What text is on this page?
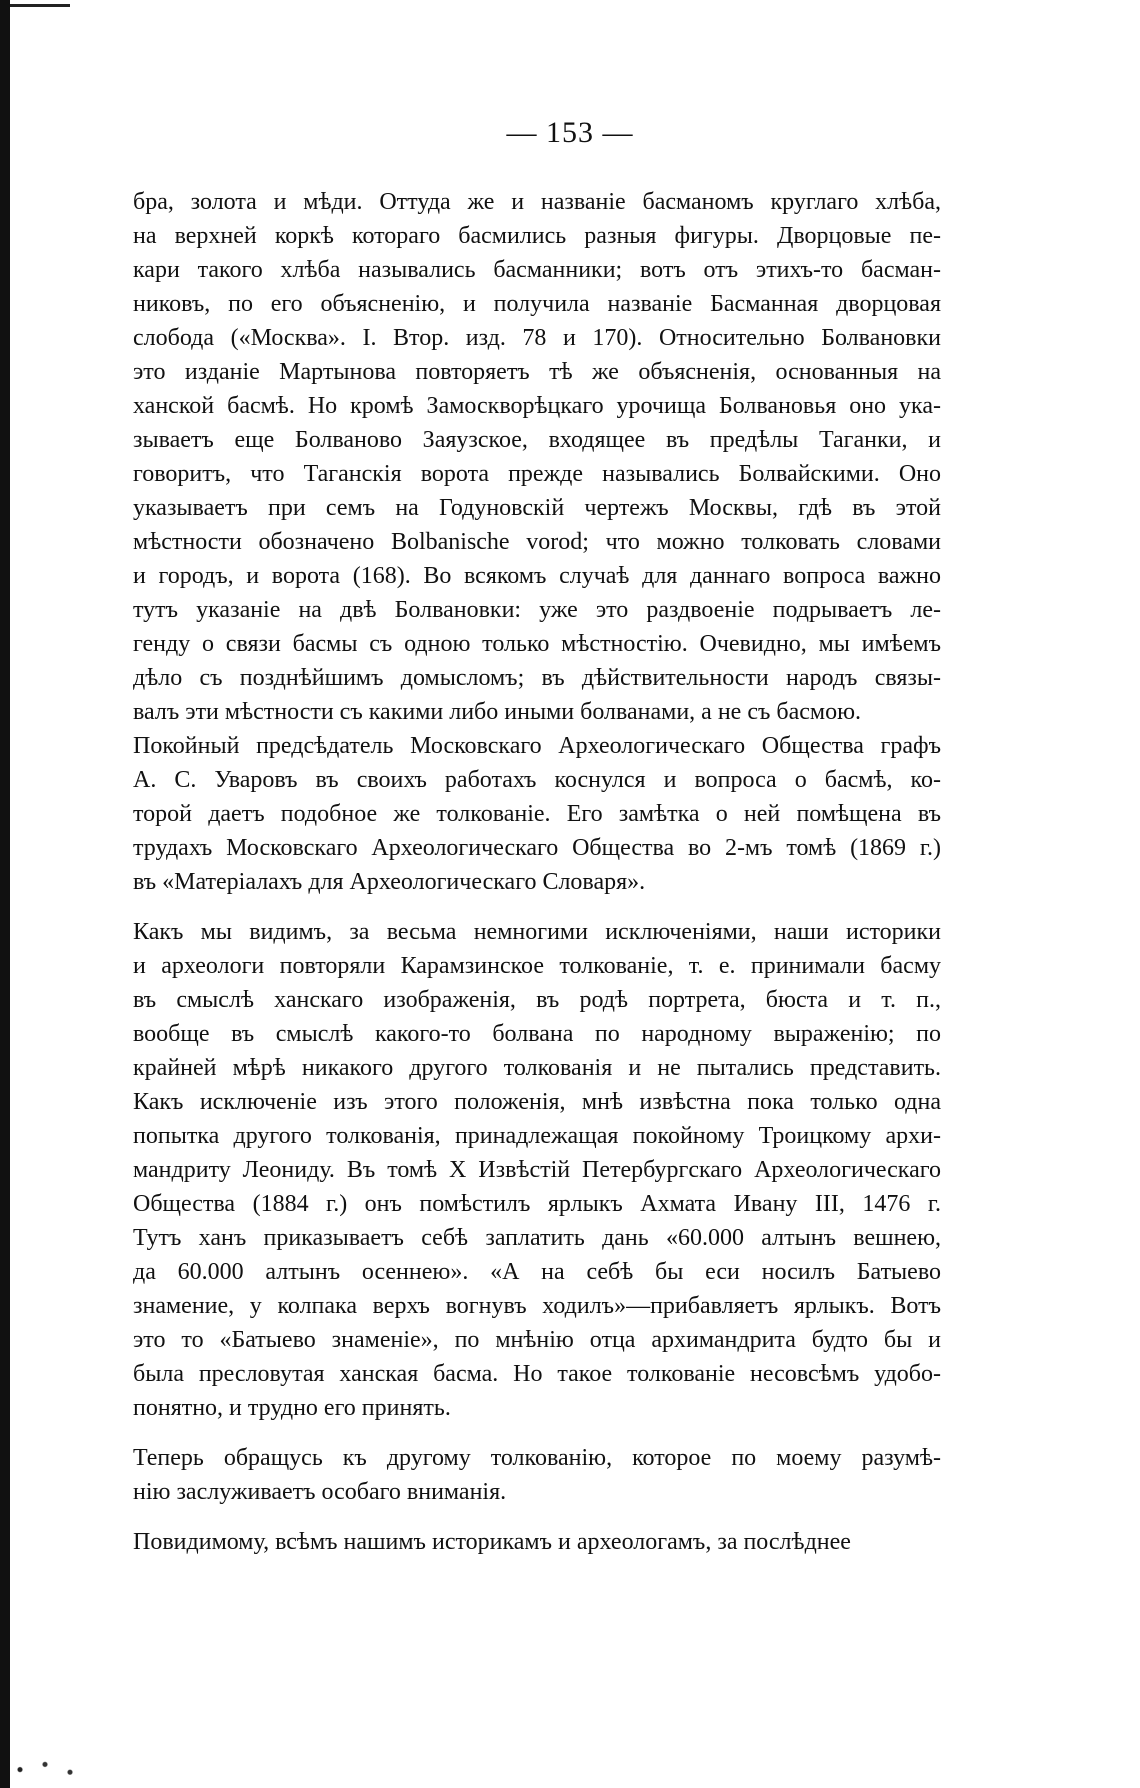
— 153 —
бра, золота и мѣди. Оттуда же и названіе басманомъ круглаго хлѣба,
на верхней коркѣ котораго басмились разныя фигуры. Дворцовые пе-
кари такого хлѣба назывались басманники; вотъ отъ этихъ-то басман-
никовъ, по его объясненію, и получила названіе Басманная дворцовая
слобода («Москва». І. Втор. изд. 78 и 170). Относительно Болвановки
это изданіе Мартынова повторяетъ тѣ же объясненія, основанныя на
ханской басмѣ. Но кромѣ Замоскворѣцкаго урочища Болвановья оно ука-
зываетъ еще Болваново Заяузское, входящее въ предѣлы Таганки, и
говоритъ, что Таганскія ворота прежде назывались Болвайскими. Оно
указываетъ при семъ на Годуновскій чертежъ Москвы, гдѣ въ этой
мѣстности обозначено Bolbanische vorod; что можно толковать словами
и городъ, и ворота (168). Во всякомъ случаѣ для даннаго вопроса важно
тутъ указаніе на двѣ Болвановки: уже это раздвоеніе подрываетъ ле-
генду о связи басмы съ одною только мѣстностію. Очевидно, мы имѣемъ
дѣло съ позднѣйшимъ домысломъ; въ дѣйствительности народъ связы-
валъ эти мѣстности съ какими либо иными болванами, а не съ басмою.
Покойный предсѣдатель Московскаго Археологическаго Общества графъ
А. С. Уваровъ въ своихъ работахъ коснулся и вопроса о басмѣ, ко-
торой даетъ подобное же толкованіе. Его замѣтка о ней помѣщена въ
трудахъ Московскаго Археологическаго Общества во 2-мъ томѣ (1869 г.)
въ «Матеріалахъ для Археологическаго Словаря».
Какъ мы видимъ, за весьма немногими исключеніями, наши историки
и археологи повторяли Карамзинское толкованіе, т. е. принимали басму
въ смыслѣ ханскаго изображенія, въ родѣ портрета, бюста и т. п.,
вообще въ смыслѣ какого-то болвана по народному выраженію; по
крайней мѣрѣ никакого другого толкованія и не пытались представить.
Какъ исключеніе изъ этого положенія, мнѣ извѣстна пока только одна
попытка другого толкованія, принадлежащая покойному Троицкому архи-
мандриту Леониду. Въ томѣ X Извѣстій Петербургскаго Археологическаго
Общества (1884 г.) онъ помѣстилъ ярлыкъ Ахмата Ивану III, 1476 г.
Тутъ ханъ приказываетъ себѣ заплатить дань «60.000 алтынъ вешнею,
да 60.000 алтынъ осеннею». «А на себѣ бы еси носилъ Батыево
знамение, у колпака верхъ вогнувъ ходилъ»—прибавляетъ ярлыкъ. Вотъ
это то «Батыево знаменіе», по мнѣнію отца архимандрита будто бы и
была пресловутая ханская басма. Но такое толкованіе несовсѣмъ удобо-
понятно, и трудно его принять.
Теперь обращусь къ другому толкованію, которое по моему разумѣ-
нію заслуживаетъ особаго вниманія.
Повидимому, всѣмъ нашимъ историкамъ и археологамъ, за послѣднее
